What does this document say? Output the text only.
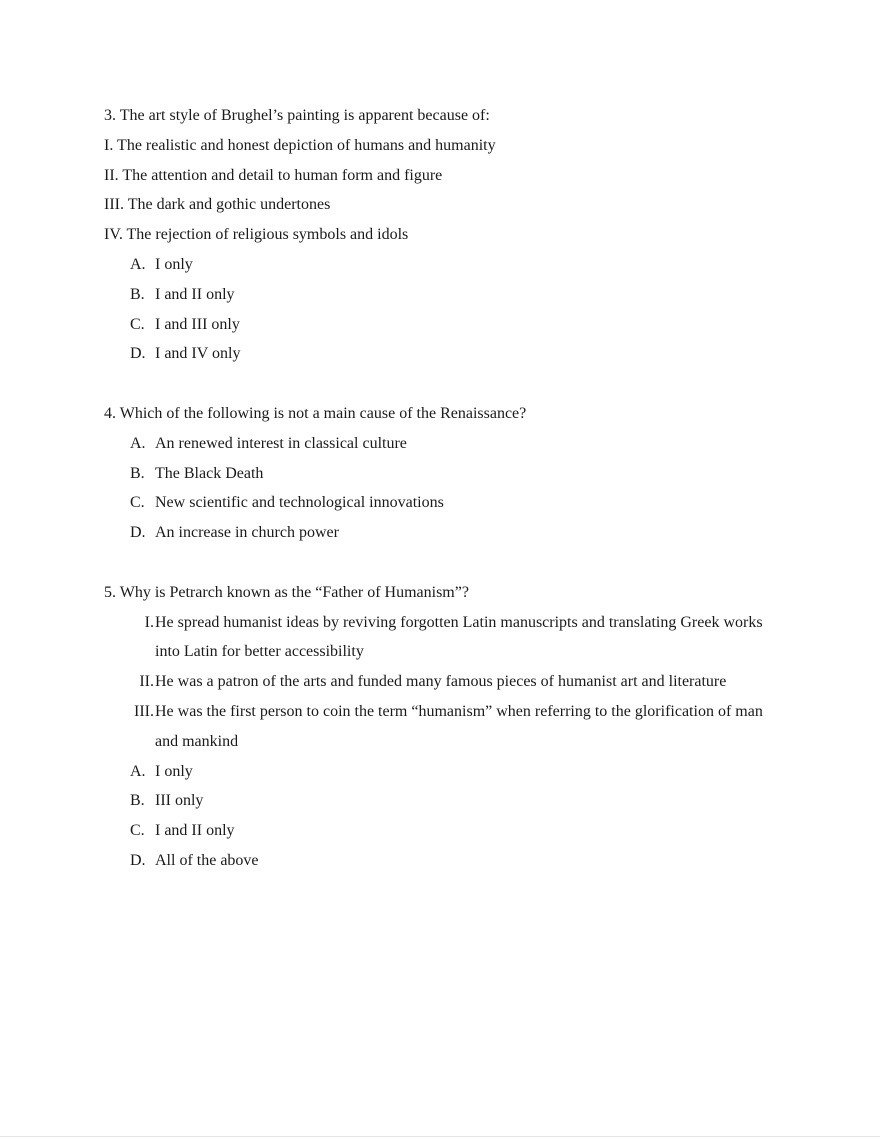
3. The art style of Brughel’s painting is apparent because of:
I. The realistic and honest depiction of humans and humanity
II. The attention and detail to human form and figure
III. The dark and gothic undertones
IV. The rejection of religious symbols and idols
A. I only
B. I and II only
C. I and III only
D. I and IV only
4. Which of the following is not a main cause of the Renaissance?
A. An renewed interest in classical culture
B. The Black Death
C. New scientific and technological innovations
D. An increase in church power
5. Why is Petrarch known as the “Father of Humanism”?
I. He spread humanist ideas by reviving forgotten Latin manuscripts and translating Greek works into Latin for better accessibility
II. He was a patron of the arts and funded many famous pieces of humanist art and literature
III. He was the first person to coin the term “humanism” when referring to the glorification of man and mankind
A. I only
B. III only
C. I and II only
D. All of the above
